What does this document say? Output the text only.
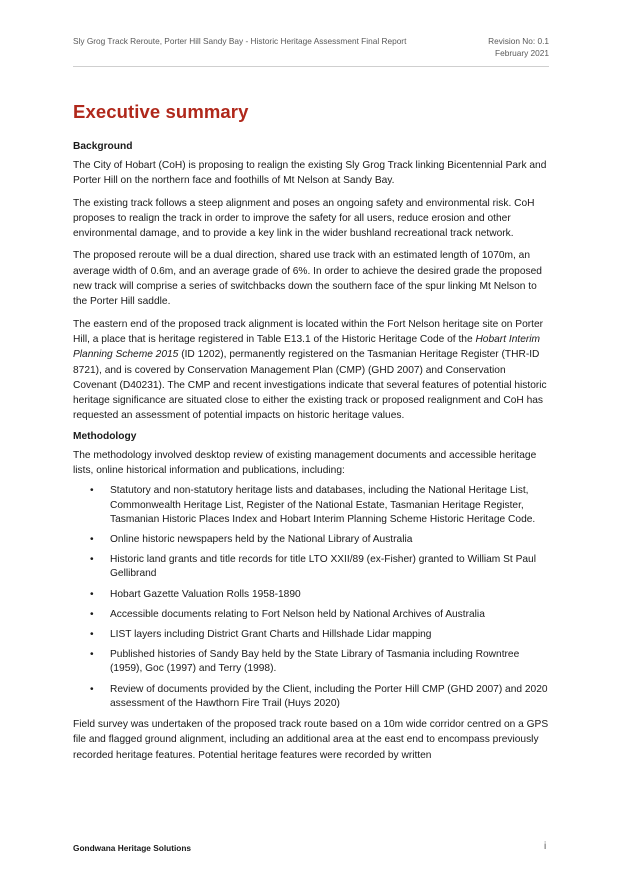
Sly Grog Track Reroute, Porter Hill Sandy Bay - Historic Heritage Assessment Final Report	Revision No: 0.1
February 2021
Executive summary
Background

The City of Hobart (CoH) is proposing to realign the existing Sly Grog Track linking Bicentennial Park and Porter Hill on the northern face and foothills of Mt Nelson at Sandy Bay.

The existing track follows a steep alignment and poses an ongoing safety and environmental risk. CoH proposes to realign the track in order to improve the safety for all users, reduce erosion and other environmental damage, and to provide a key link in the wider bushland recreational track network.

The proposed reroute will be a dual direction, shared use track with an estimated length of 1070m, an average width of 0.6m, and an average grade of 6%. In order to achieve the desired grade the proposed new track will comprise a series of switchbacks down the southern face of the spur linking Mt Nelson to the Porter Hill saddle.

The eastern end of the proposed track alignment is located within the Fort Nelson heritage site on Porter Hill, a place that is heritage registered in Table E13.1 of the Historic Heritage Code of the Hobart Interim Planning Scheme 2015 (ID 1202), permanently registered on the Tasmanian Heritage Register (THR-ID 8721), and is covered by Conservation Management Plan (CMP) (GHD 2007) and Conservation Covenant (D40231). The CMP and recent investigations indicate that several features of potential historic heritage significance are situated close to either the existing track or proposed realignment and CoH has requested an assessment of potential impacts on historic heritage values.

Methodology

The methodology involved desktop review of existing management documents and accessible heritage lists, online historical information and publications, including:

• Statutory and non-statutory heritage lists and databases, including the National Heritage List, Commonwealth Heritage List, Register of the National Estate, Tasmanian Heritage Register, Tasmanian Historic Places Index and Hobart Interim Planning Scheme Historic Heritage Code.
• Online historic newspapers held by the National Library of Australia
• Historic land grants and title records for title LTO XXII/89 (ex-Fisher) granted to William St Paul Gellibrand
• Hobart Gazette Valuation Rolls 1958-1890
• Accessible documents relating to Fort Nelson held by National Archives of Australia
• LIST layers including District Grant Charts and Hillshade Lidar mapping
• Published histories of Sandy Bay held by the State Library of Tasmania including Rowntree (1959), Goc (1997) and Terry (1998).
• Review of documents provided by the Client, including the Porter Hill CMP (GHD 2007) and 2020 assessment of the Hawthorn Fire Trail (Huys 2020)

Field survey was undertaken of the proposed track route based on a 10m wide corridor centred on a GPS file and flagged ground alignment, including an additional area at the east end to encompass previously recorded heritage features. Potential heritage features were recorded by written

Gondwana Heritage Solutions	i
